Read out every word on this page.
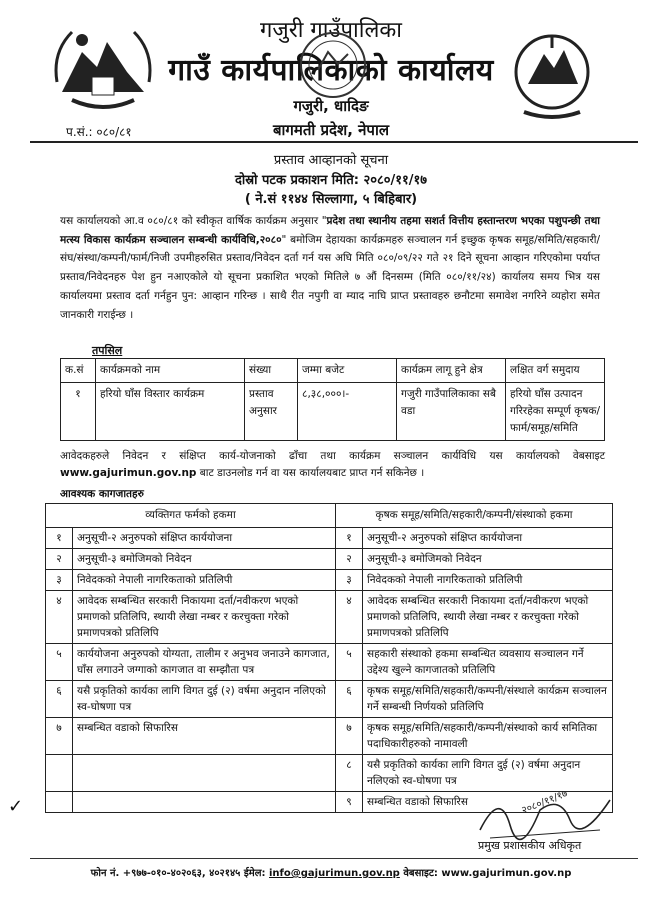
गजुरी गाउँपालिका
गाउँ कार्यपालिकाको कार्यालय
गजुरी, धादिङ
प.सं.: ०८०/८१	बागमती प्रदेश, नेपाल
प्रस्ताव आव्हानको सूचना
दोस्रो पटक प्रकाशन मिति: २०८०/११/१७
( ने.सं ११४४ सिल्लागा, ५ बिहिबार)
यस कार्यालयको आ.व ०८०/८१ को स्वीकृत वार्षिक कार्यक्रम अनुसार "प्रदेश तथा स्थानीय तहमा सशर्त वित्तीय हस्तान्तरण भएका पशुपन्छी तथा मत्स्य विकास कार्यक्रम सञ्चालन सम्बन्धी कार्यविधि,२०८०" बमोजिम देहायका कार्यक्रमहरु सञ्चालन गर्न इच्छुक कृषक समूह/समिति/सहकारी/संघ/संस्था/कम्पनी/फार्म/निजी उपमीहरुसित प्रस्ताव/निवेदन दर्ता गर्न यस अघि मिति ०८०/०९/२२ गते २१ दिने सूचना आव्हान गरिएकोमा पर्याप्त प्रस्ताव/निवेदनहरु पेश हुन नआएकोले यो सूचना प्रकाशित भएको मितिले ७ औं दिनसम्म (मिति ०८०/११/२४) कार्यालय समय भित्र यस कार्यालयमा प्रस्ताव दर्ता गर्नहुन पुन: आव्हान गरिन्छ । साथै रीत नपुगी वा म्याद नाघि प्राप्त प्रस्तावहरु छनौटमा समावेश नगरिने व्यहोरा समेत जानकारी गराईन्छ ।
तपसिल
क.सं	कार्यक्रमको नाम	संख्या	जम्मा बजेट	कार्यक्रम लागू हुने क्षेत्र	लक्षित वर्ग समुदाय
१	हरियो घाँस विस्तार कार्यक्रम	प्रस्ताव अनुसार	८,३८,०००।-	गजुरी गाउँपालिकाका सबै वडा	हरियो घाँस उत्पादन गरिरहेका सम्पूर्ण कृषक/फार्म/समूह/समिति
आवेदकहरुले निवेदन र संक्षिप्त कार्य-योजनाको ढाँचा तथा कार्यक्रम सञ्चालन कार्यविधि यस कार्यालयको वेबसाइट www.gajurimun.gov.np बाट डाउनलोड गर्न वा यस कार्यालयबाट प्राप्त गर्न सकिनेछ ।
आवश्यक कागजातहरु
व्यक्तिगत फर्मको हकमा		कृषक समूह/समिति/सहकारी/कम्पनी/संस्थाको हकमा	
१	अनुसूची-२ अनुरुपको संक्षिप्त कार्ययोजना	१	अनुसूची-२ अनुरुपको संक्षिप्त कार्ययोजना
२	अनुसूची-३ बमोजिमको निवेदन	२	अनुसूची-३ बमोजिमको निवेदन
३	निवेदकको नेपाली नागरिकताको प्रतिलिपी	३	निवेदकको नेपाली नागरिकताको प्रतिलिपी
४	आवेदक सम्बन्धित सरकारी निकायमा दर्ता/नवीकरण भएको प्रमाणको प्रतिलिपि, स्थायी लेखा नम्बर र करचुक्ता गरेको प्रमाणपत्रको प्रतिलिपि	४	आवेदक सम्बन्धित सरकारी निकायमा दर्ता/नवीकरण भएको प्रमाणको प्रतिलिपि, स्थायी लेखा नम्बर र करचुक्ता गरेको प्रमाणपत्रको प्रतिलिपि
५	कार्ययोजना अनुरुपको योग्यता, तालीम र अनुभव जनाउने कागजात, घाँस लगाउने जग्गाको कागजात वा सम्झौता पत्र	५	सहकारी संस्थाको हकमा सम्बन्धित व्यवसाय सञ्चालन गर्ने उद्देश्य खुल्ने कागजातको प्रतिलिपि
६	यसै प्रकृतिको कार्यका लागि विगत दुई (२) वर्षमा अनुदान नलिएको स्व-घोषणा पत्र	६	कृषक समूह/समिति/सहकारी/कम्पनी/संस्थाले कार्यक्रम सञ्चालन गर्ने सम्बन्धी निर्णयको प्रतिलिपि
७	सम्बन्धित वडाको सिफारिस	७	कृषक समूह/समिति/सहकारी/कम्पनी/संस्थाको कार्य समितिका पदाधिकारीहरुको नामावली
		८	यसै प्रकृतिको कार्यका लागि विगत दुई (२) वर्षमा अनुदान नलिएको स्व-घोषणा पत्र
		९	सम्बन्धित वडाको सिफारिस	२०८०/११/१७
प्रमुख प्रशासकीय अधिकृत
✓
फोन नं. +९७७-०१०-४०२०६३, ४०२१४५ ईमेल: info@gajurimun.gov.np वेबसाइट: www.gajurimun.gov.np
